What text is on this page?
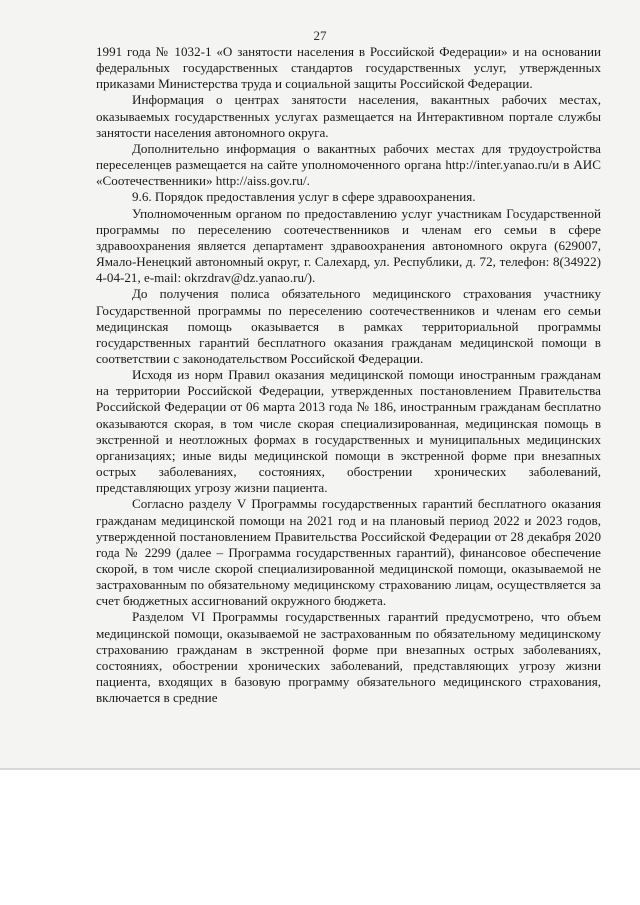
27

1991 года № 1032-1 «О занятости населения в Российской Федерации» и на основании федеральных государственных стандартов государственных услуг, утвержденных приказами Министерства труда и социальной защиты Российской Федерации.

Информация о центрах занятости населения, вакантных рабочих местах, оказываемых государственных услугах размещается на Интерактивном портале службы занятости населения автономного округа.

Дополнительно информация о вакантных рабочих местах для трудоустройства переселенцев размещается на сайте уполномоченного органа http://inter.yanao.ru/и в АИС «Соотечественники» http://aiss.gov.ru/.

9.6. Порядок предоставления услуг в сфере здравоохранения.

Уполномоченным органом по предоставлению услуг участникам Государственной программы по переселению соотечественников и членам его семьи в сфере здравоохранения является департамент здравоохранения автономного округа (629007, Ямало-Ненецкий автономный округ, г. Салехард, ул. Республики, д. 72, телефон: 8(34922) 4-04-21, e-mail: okrzdrav@dz.yanao.ru/).

До получения полиса обязательного медицинского страхования участнику Государственной программы по переселению соотечественников и членам его семьи медицинская помощь оказывается в рамках территориальной программы государственных гарантий бесплатного оказания гражданам медицинской помощи в соответствии с законодательством Российской Федерации.

Исходя из норм Правил оказания медицинской помощи иностранным гражданам на территории Российской Федерации, утвержденных постановлением Правительства Российской Федерации от 06 марта 2013 года № 186, иностранным гражданам бесплатно оказываются скорая, в том числе скорая специализированная, медицинская помощь в экстренной и неотложных формах в государственных и муниципальных медицинских организациях; иные виды медицинской помощи в экстренной форме при внезапных острых заболеваниях, состояниях, обострении хронических заболеваний, представляющих угрозу жизни пациента.

Согласно разделу V Программы государственных гарантий бесплатного оказания гражданам медицинской помощи на 2021 год и на плановый период 2022 и 2023 годов, утвержденной постановлением Правительства Российской Федерации от 28 декабря 2020 года № 2299 (далее – Программа государственных гарантий), финансовое обеспечение скорой, в том числе скорой специализированной медицинской помощи, оказываемой не застрахованным по обязательному медицинскому страхованию лицам, осуществляется за счет бюджетных ассигнований окружного бюджета.

Разделом VI Программы государственных гарантий предусмотрено, что объем медицинской помощи, оказываемой не застрахованным по обязательному медицинскому страхованию гражданам в экстренной форме при внезапных острых заболеваниях, состояниях, обострении хронических заболеваний, представляющих угрозу жизни пациента, входящих в базовую программу обязательного медицинского страхования, включается в средние
